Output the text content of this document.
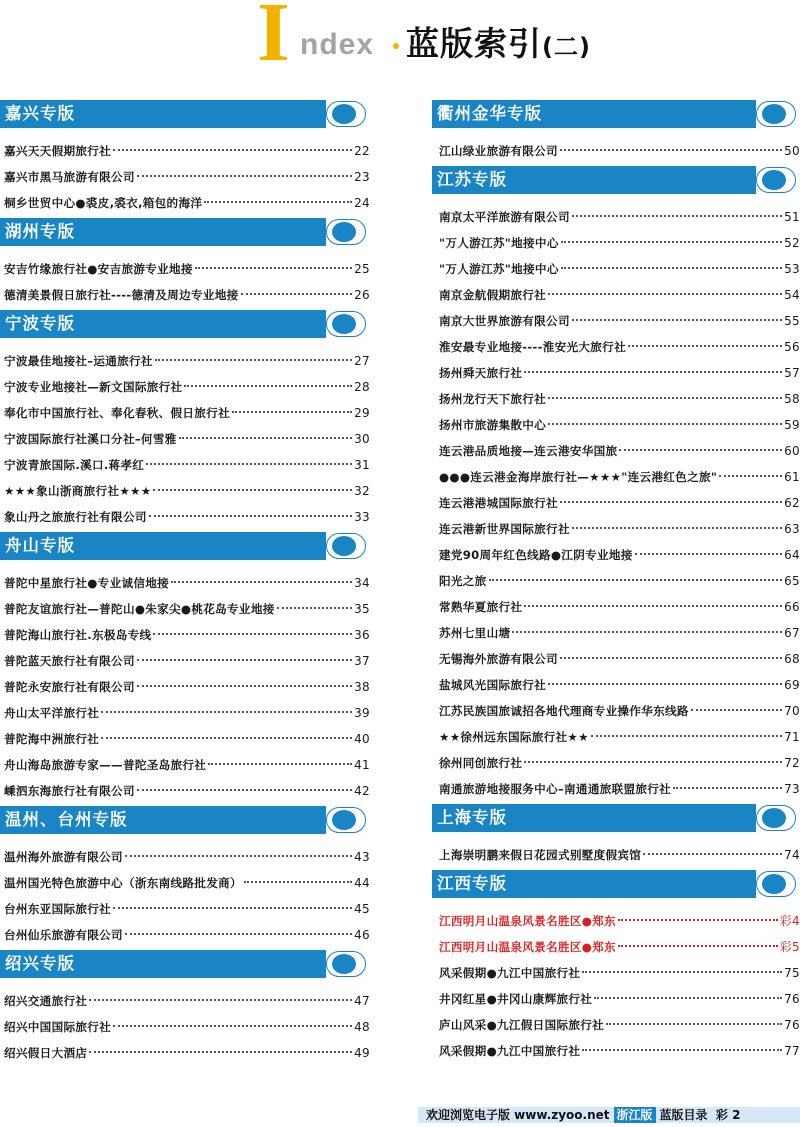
I ndex 蓝版索引(二)
嘉兴专版
嘉兴天天假期旅行社	22
嘉兴市黑马旅游有限公司	23
桐乡世贸中心●裘皮,裘衣,箱包的海洋	24
湖州专版
安吉竹缘旅行社●安吉旅游专业地接	25
德清美景假日旅行社----德清及周边专业地接	26
宁波专版
宁波最佳地接社–运通旅行社	27
宁波专业地接社—新文国际旅行社	28
奉化市中国旅行社、奉化春秋、假日旅行社	29
宁波国际旅行社溪口分社–何雪雅	30
宁波青旅国际.溪口.蒋孝红	31
★★★象山浙商旅行社★★★	32
象山丹之旅旅行社有限公司	33
舟山专版
普陀中星旅行社●专业诚信地接	34
普陀友谊旅行社—普陀山●朱家尖●桃花岛专业地接	35
普陀海山旅行社.东极岛专线	36
普陀蓝天旅行社有限公司	37
普陀永安旅行社有限公司	38
舟山太平洋旅行社	39
普陀海中洲旅行社	40
舟山海岛旅游专家——普陀圣岛旅行社	41
嵊泗东海旅行社有限公司	42
温州、台州专版
温州海外旅游有限公司	43
温州国光特色旅游中心（浙东南线路批发商）	44
台州东亚国际旅行社	45
台州仙乐旅游有限公司	46
绍兴专版
绍兴交通旅行社	47
绍兴中国国际旅行社	48
绍兴假日大酒店	49
衢州金华专版
江山绿业旅游有限公司	50
江苏专版
南京太平洋旅游有限公司	51
"万人游江苏"地接中心	52
"万人游江苏"地接中心	53
南京金航假期旅行社	54
南京大世界旅游有限公司	55
淮安最专业地接----淮安光大旅行社	56
扬州舜天旅行社	57
扬州龙行天下旅行社	58
扬州市旅游集散中心	59
连云港品质地接—连云港安华国旅	60
●●●连云港金海岸旅行社—★★★"连云港红色之旅"	61
连云港港城国际旅行社	62
连云港新世界国际旅行社	63
建党90周年红色线路●江阴专业地接	64
阳光之旅	65
常熟华夏旅行社	66
苏州七里山塘	67
无锡海外旅游有限公司	68
盐城风光国际旅行社	69
江苏民族国旅诚招各地代理商专业操作华东线路	70
★★徐州远东国际旅行社★★	71
徐州同创旅行社	72
南通旅游地接服务中心–南通通旅联盟旅行社	73
上海专版
上海崇明鹏来假日花园式别墅度假宾馆	74
江西专版
江西明月山温泉风景名胜区●郑东	彩4
江西明月山温泉风景名胜区●郑东	彩5
风采假期●九江中国旅行社	75
井冈红星●井冈山康辉旅行社	76
庐山风采●九江假日国际旅行社	76
风采假期●九江中国旅行社	77
欢迎浏览电子版 www.zyoo.net 浙江版 蓝版目录 彩 2
